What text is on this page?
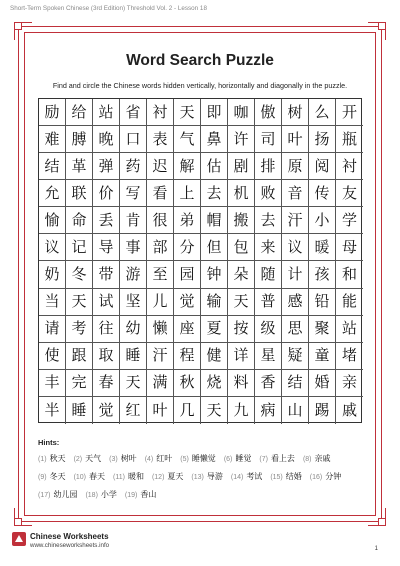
Short-Term Spoken Chinese (3rd Edition) Threshold Vol. 2 - Lesson 18
Word Search Puzzle
Find and circle the Chinese words hidden vertically, horizontally and diagonally in the puzzle.
励 给 站 省 衬 天 即 咖 傲 树 么 开
难 膊 晚 口 表 气 鼻 许 司 叶 扬 瓶
结 革 弹 药 迟 解 估 剧 排 原 阅 衬
允 联 价 写 看 上 去 机 败 音 传 友
愉 命 丢 肯 很 弟 帽 搬 去 汗 小 学
议 记 导 事 部 分 但 包 来 议 暖 母
奶 冬 带 游 至 园 钟 朵 随 计 孩 和
当 天 试 坚 儿 觉 输 天 普 感 铅 能
请 考 往 幼 懒 座 夏 按 级 思 聚 站
使 跟 取 睡 汗 程 健 详 星 疑 童 堵
丰 完 春 天 满 秋 烧 料 香 结 婚 亲
半 睡 觉 红 叶 几 天 九 病 山 踢 戚
Hints:
(1) 秋天 (2) 天气 (3) 树叶 (4) 红叶 (5) 睡懒觉 (6) 睡觉 (7) 看上去 (8) 亲戚
(9) 冬天 (10) 春天 (11) 暖和 (12) 夏天 (13) 导游 (14) 考试 (15) 结婚 (16) 分钟
(17) 幼儿园 (18) 小学 (19) 香山
Chinese Worksheets
www.chineseworksheets.info	1
